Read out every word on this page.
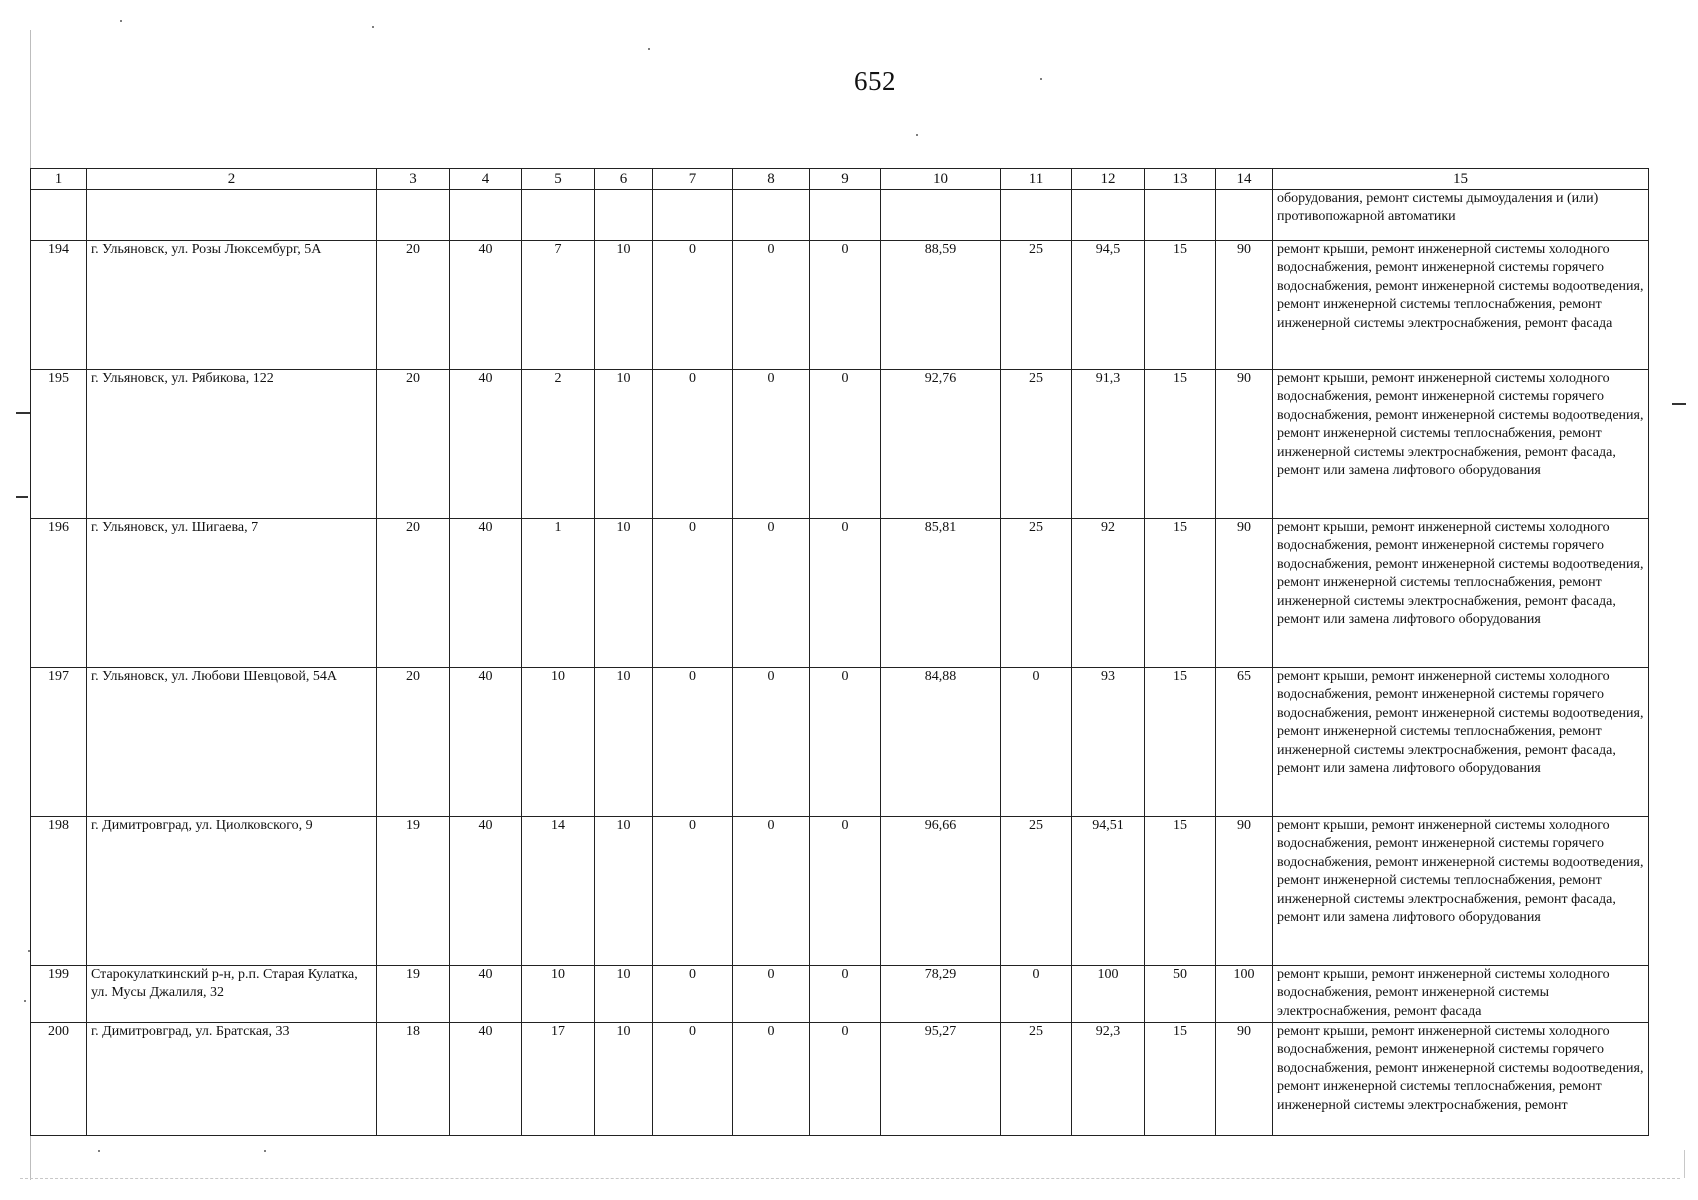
652
1	2	3	4	5	6	7	8	9	10	11	12	13	14	15
														оборудования, ремонт системы дымоудаления и (или) противопожарной автоматики
194	г. Ульяновск, ул. Розы Люксембург, 5А	20	40	7	10	0	0	0	88,59	25	94,5	15	90	ремонт крыши, ремонт инженерной системы холодного водоснабжения, ремонт инженерной системы горячего водоснабжения, ремонт инженерной системы водоотведения, ремонт инженерной системы теплоснабжения, ремонт инженерной системы электроснабжения, ремонт фасада
195	г. Ульяновск, ул. Рябикова, 122	20	40	2	10	0	0	0	92,76	25	91,3	15	90	ремонт крыши, ремонт инженерной системы холодного водоснабжения, ремонт инженерной системы горячего водоснабжения, ремонт инженерной системы водоотведения, ремонт инженерной системы теплоснабжения, ремонт инженерной системы электроснабжения, ремонт фасада, ремонт или замена лифтового оборудования
196	г. Ульяновск, ул. Шигаева, 7	20	40	1	10	0	0	0	85,81	25	92	15	90	ремонт крыши, ремонт инженерной системы холодного водоснабжения, ремонт инженерной системы горячего водоснабжения, ремонт инженерной системы водоотведения, ремонт инженерной системы теплоснабжения, ремонт инженерной системы электроснабжения, ремонт фасада, ремонт или замена лифтового оборудования
197	г. Ульяновск, ул. Любови Шевцовой, 54А	20	40	10	10	0	0	0	84,88	0	93	15	65	ремонт крыши, ремонт инженерной системы холодного водоснабжения, ремонт инженерной системы горячего водоснабжения, ремонт инженерной системы водоотведения, ремонт инженерной системы теплоснабжения, ремонт инженерной системы электроснабжения, ремонт фасада, ремонт или замена лифтового оборудования
198	г. Димитровград, ул. Циолковского, 9	19	40	14	10	0	0	0	96,66	25	94,51	15	90	ремонт крыши, ремонт инженерной системы холодного водоснабжения, ремонт инженерной системы горячего водоснабжения, ремонт инженерной системы водоотведения, ремонт инженерной системы теплоснабжения, ремонт инженерной системы электроснабжения, ремонт фасада, ремонт или замена лифтового оборудования
199	Старокулаткинский р-н, р.п. Старая Кулатка, ул. Мусы Джалиля, 32	19	40	10	10	0	0	0	78,29	0	100	50	100	ремонт крыши, ремонт инженерной системы холодного водоснабжения, ремонт инженерной системы электроснабжения, ремонт фасада
200	г. Димитровград, ул. Братская, 33	18	40	17	10	0	0	0	95,27	25	92,3	15	90	ремонт крыши, ремонт инженерной системы холодного водоснабжения, ремонт инженерной системы горячего водоснабжения, ремонт инженерной системы водоотведения, ремонт инженерной системы теплоснабжения, ремонт инженерной системы электроснабжения, ремонт
